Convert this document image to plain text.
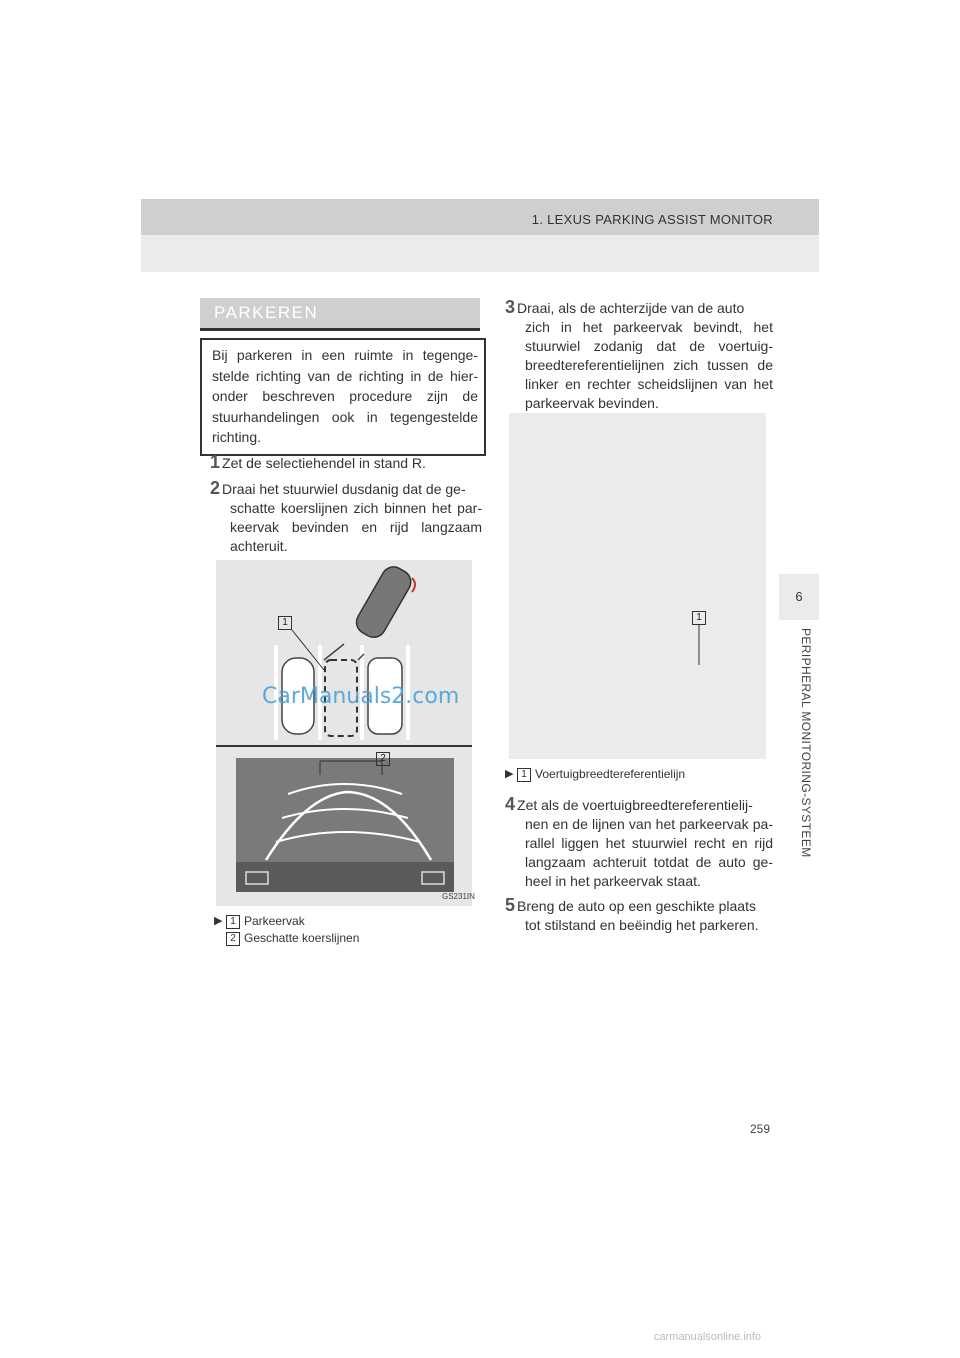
1. LEXUS PARKING ASSIST MONITOR
6
PERIPHERAL MONITORING-SYSTEEM
259
PARKEREN
Bij parkeren in een ruimte in tegenge-stelde richting van de richting in de hier-onder beschreven procedure zijn de stuurhandelingen ook in tegengestelde richting.

1 Zet de selectiehendel in stand R.

2 Draai het stuurwiel dusdanig dat de ge-

schatte koerslijnen zich binnen het par-keervak bevinden en rijd langzaam achteruit.

1
2
GS231IN
CarManuals2.com
▶ 1 Parkeervak
2 Geschatte koerslijnen

3 Draai, als de achterzijde van de auto

zich in het parkeervak bevindt, het stuurwiel zodanig dat de voertuig-breedtereferentielijnen zich tussen de linker en rechter scheidslijnen van het parkeervak bevinden.

1
▶ 1 Voertuigbreedtereferentielijn

4 Zet als de voertuigbreedtereferentielij-

nen en de lijnen van het parkeervak pa-rallel liggen het stuurwiel recht en rijd langzaam achteruit totdat de auto ge-heel in het parkeervak staat.

5 Breng de auto op een geschikte plaats

tot stilstand en beëindig het parkeren.

carmanualsonline.info
